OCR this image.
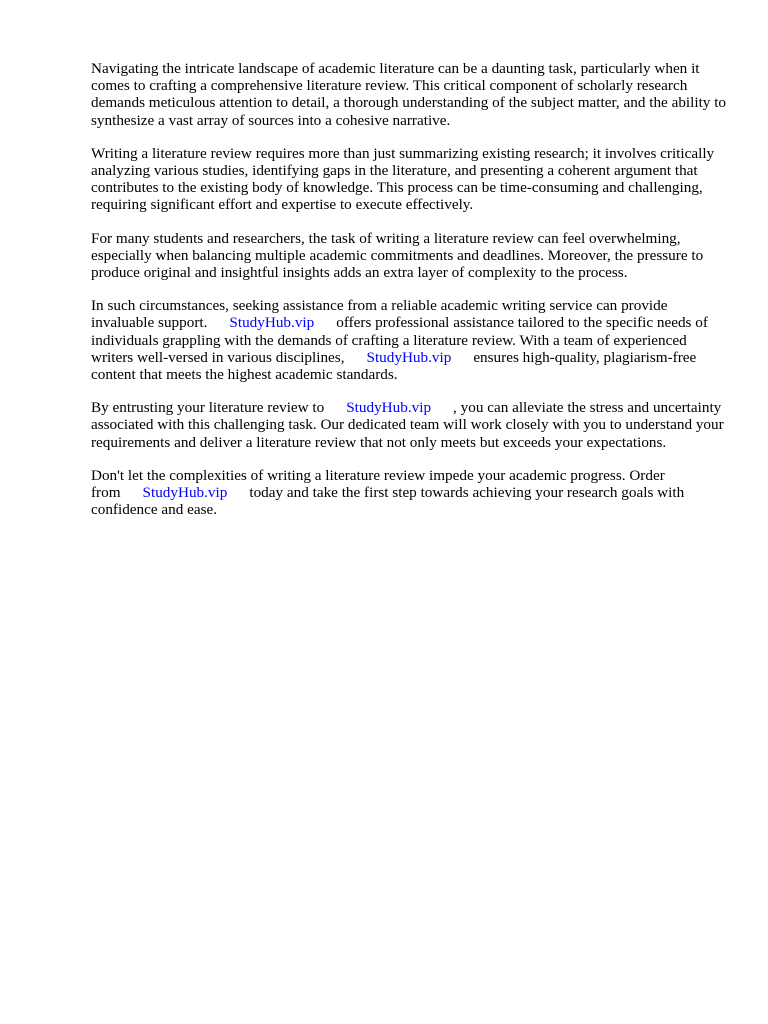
Navigating the intricate landscape of academic literature can be a daunting task, particularly when it comes to crafting a comprehensive literature review. This critical component of scholarly research demands meticulous attention to detail, a thorough understanding of the subject matter, and the ability to synthesize a vast array of sources into a cohesive narrative.

Writing a literature review requires more than just summarizing existing research; it involves critically analyzing various studies, identifying gaps in the literature, and presenting a coherent argument that contributes to the existing body of knowledge. This process can be time-consuming and challenging, requiring significant effort and expertise to execute effectively.

For many students and researchers, the task of writing a literature review can feel overwhelming, especially when balancing multiple academic commitments and deadlines. Moreover, the pressure to produce original and insightful insights adds an extra layer of complexity to the process.

In such circumstances, seeking assistance from a reliable academic writing service can provide invaluable support. StudyHub.vip offers professional assistance tailored to the specific needs of individuals grappling with the demands of crafting a literature review. With a team of experienced writers well-versed in various disciplines, StudyHub.vip ensures high-quality, plagiarism-free content that meets the highest academic standards.

By entrusting your literature review to StudyHub.vip , you can alleviate the stress and uncertainty associated with this challenging task. Our dedicated team will work closely with you to understand your requirements and deliver a literature review that not only meets but exceeds your expectations.

Don't let the complexities of writing a literature review impede your academic progress. Order from StudyHub.vip today and take the first step towards achieving your research goals with confidence and ease.
